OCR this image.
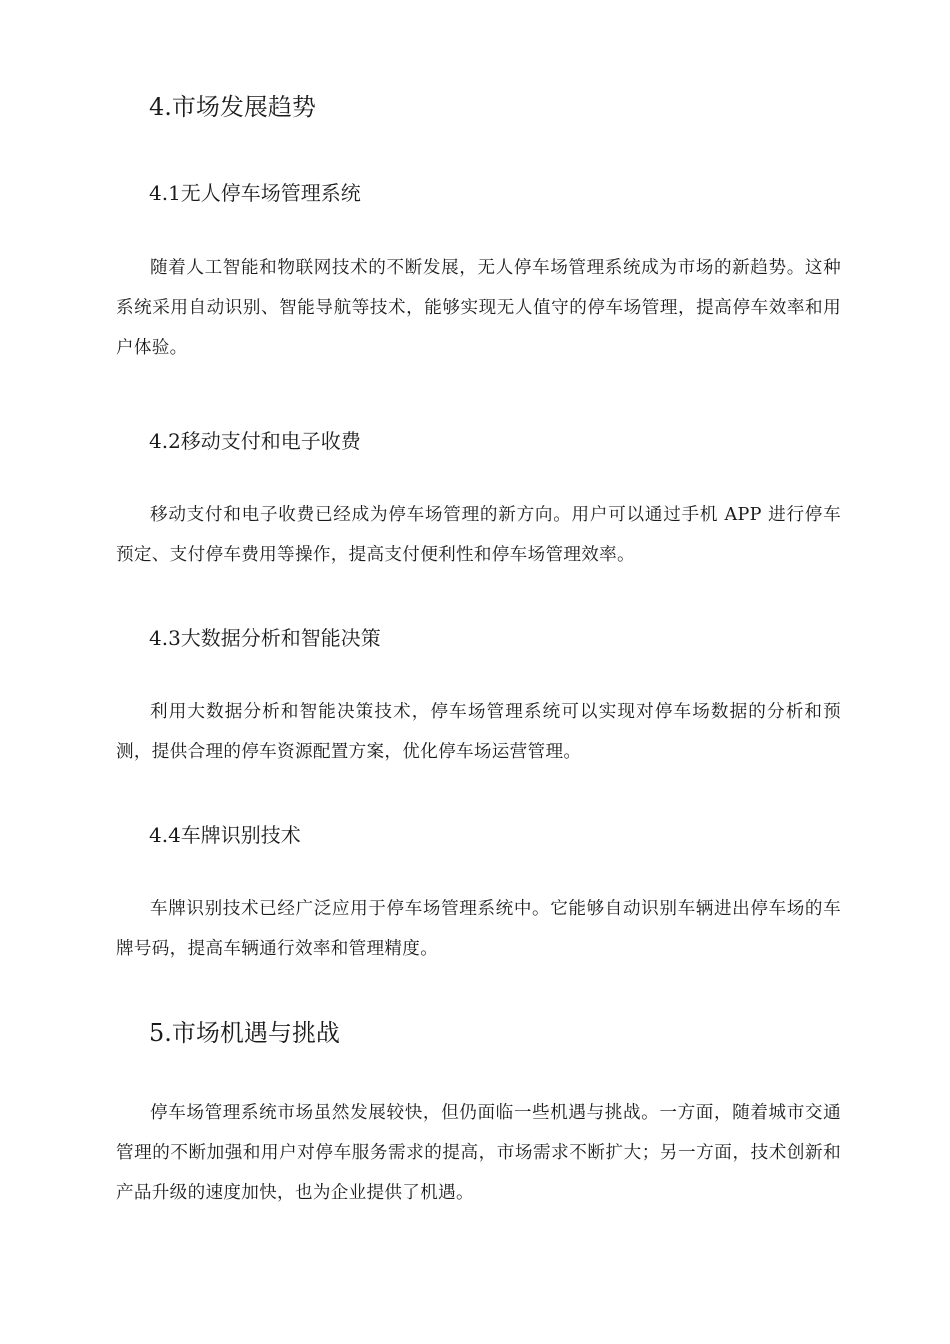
4.市场发展趋势
4.1无人停车场管理系统
随着人工智能和物联网技术的不断发展，无人停车场管理系统成为市场的新趋势。这种系统采用自动识别、智能导航等技术，能够实现无人值守的停车场管理，提高停车效率和用户体验。
4.2移动支付和电子收费
移动支付和电子收费已经成为停车场管理的新方向。用户可以通过手机 APP 进行停车预定、支付停车费用等操作，提高支付便利性和停车场管理效率。
4.3大数据分析和智能决策
利用大数据分析和智能决策技术，停车场管理系统可以实现对停车场数据的分析和预测，提供合理的停车资源配置方案，优化停车场运营管理。
4.4车牌识别技术
车牌识别技术已经广泛应用于停车场管理系统中。它能够自动识别车辆进出停车场的车牌号码，提高车辆通行效率和管理精度。
5.市场机遇与挑战
停车场管理系统市场虽然发展较快，但仍面临一些机遇与挑战。一方面，随着城市交通管理的不断加强和用户对停车服务需求的提高，市场需求不断扩大；另一方面，技术创新和产品升级的速度加快，也为企业提供了机遇。
